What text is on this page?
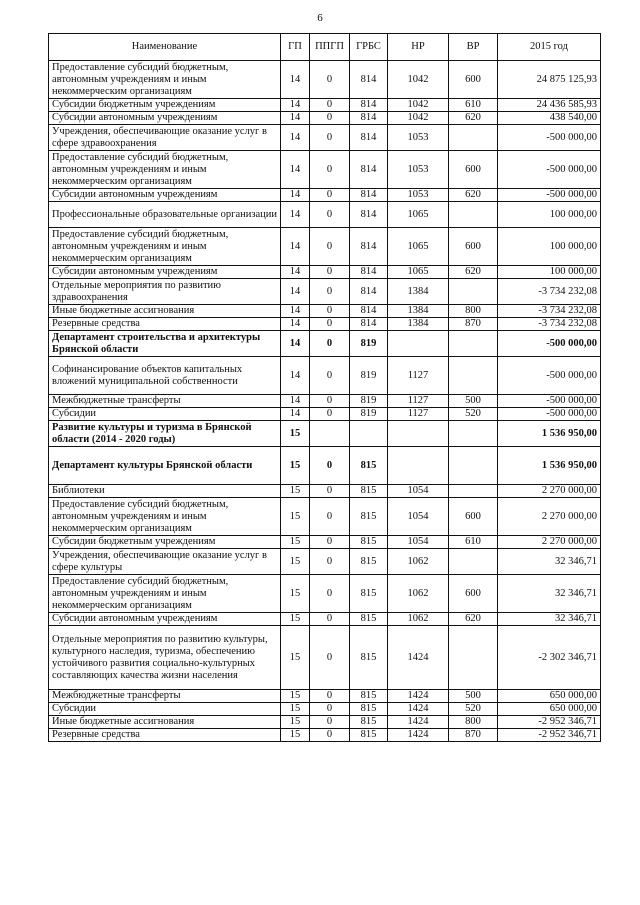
6
Наименование	ГП	ППГП	ГРБС	НР	ВР	2015 год
Предоставление субсидий бюджетным, автономным учреждениям и иным некоммерческим организациям	14	0	814	1042	600	24 875 125,93
Субсидии бюджетным учреждениям	14	0	814	1042	610	24 436 585,93
Субсидии автономным учреждениям	14	0	814	1042	620	438 540,00
Учреждения, обеспечивающие оказание услуг в сфере здравоохранения	14	0	814	1053		-500 000,00
Предоставление субсидий бюджетным, автономным учреждениям и иным некоммерческим организациям	14	0	814	1053	600	-500 000,00
Субсидии автономным учреждениям	14	0	814	1053	620	-500 000,00
Профессиональные образовательные организации	14	0	814	1065		100 000,00
Предоставление субсидий бюджетным, автономным учреждениям и иным некоммерческим организациям	14	0	814	1065	600	100 000,00
Субсидии автономным учреждениям	14	0	814	1065	620	100 000,00
Отдельные мероприятия по развитию здравоохранения	14	0	814	1384		-3 734 232,08
Иные бюджетные ассигнования	14	0	814	1384	800	-3 734 232,08
Резервные средства	14	0	814	1384	870	-3 734 232,08
Департамент строительства и архитектуры Брянской области	14	0	819			-500 000,00
Софинансирование объектов капитальных вложений муниципальной собственности	14	0	819	1127		-500 000,00
Межбюджетные трансферты	14	0	819	1127	500	-500 000,00
Субсидии	14	0	819	1127	520	-500 000,00
Развитие культуры и туризма в Брянской области (2014 - 2020 годы)	15					1 536 950,00
Департамент культуры Брянской области	15	0	815			1 536 950,00
Библиотеки	15	0	815	1054		2 270 000,00
Предоставление субсидий бюджетным, автономным учреждениям и иным некоммерческим организациям	15	0	815	1054	600	2 270 000,00
Субсидии бюджетным учреждениям	15	0	815	1054	610	2 270 000,00
Учреждения, обеспечивающие оказание услуг в сфере культуры	15	0	815	1062		32 346,71
Предоставление субсидий бюджетным, автономным учреждениям и иным некоммерческим организациям	15	0	815	1062	600	32 346,71
Субсидии автономным учреждениям	15	0	815	1062	620	32 346,71
Отдельные мероприятия по развитию культуры, культурного наследия, туризма, обеспечению устойчивого развития социально-культурных составляющих качества жизни населения	15	0	815	1424		-2 302 346,71
Межбюджетные трансферты	15	0	815	1424	500	650 000,00
Субсидии	15	0	815	1424	520	650 000,00
Иные бюджетные ассигнования	15	0	815	1424	800	-2 952 346,71
Резервные средства	15	0	815	1424	870	-2 952 346,71
